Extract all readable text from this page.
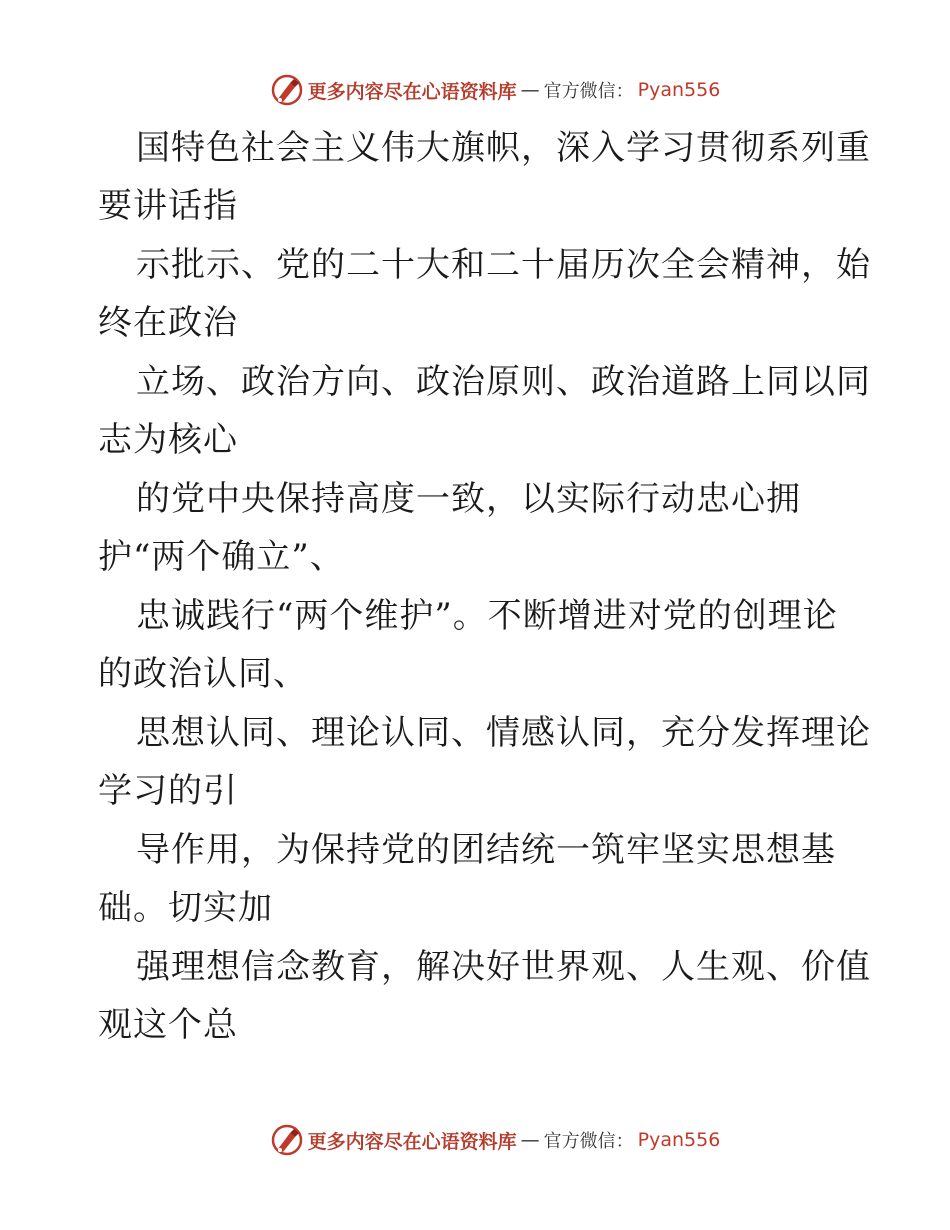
更多内容尽在心语资料库 — 官方微信： Pyan556
国特色社会主义伟大旗帜，深入学习贯彻系列重
要讲话指
示批示、党的二十大和二十届历次全会精神，始
终在政治
立场、政治方向、政治原则、政治道路上同以同
志为核心
的党中央保持高度一致，以实际行动忠心拥
护“两个确立”、
忠诚践行“两个维护”。不断增进对党的创理论
的政治认同、
思想认同、理论认同、情感认同，充分发挥理论
学习的引
导作用，为保持党的团结统一筑牢坚实思想基
础。切实加
强理想信念教育，解决好世界观、人生观、价值
观这个总
更多内容尽在心语资料库 — 官方微信： Pyan556
